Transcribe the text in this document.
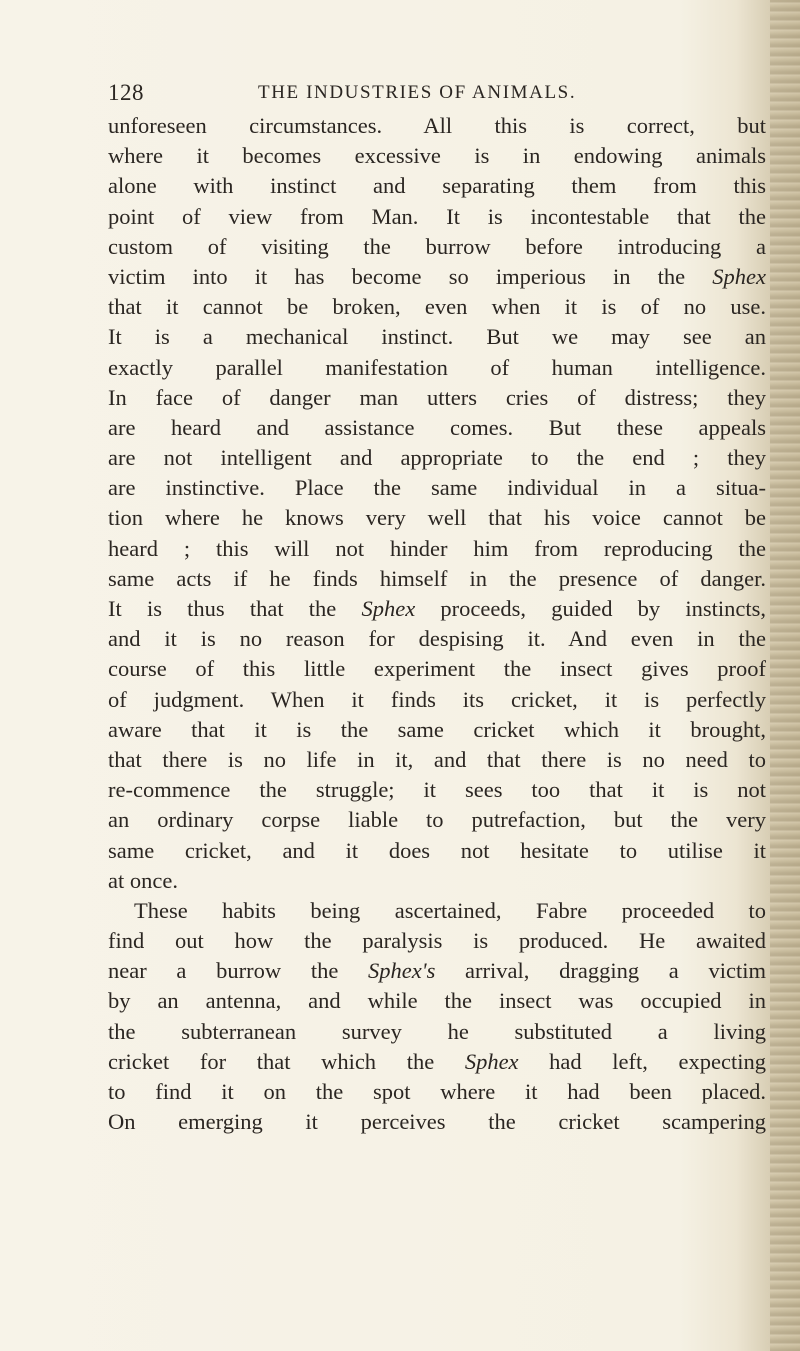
128	THE INDUSTRIES OF ANIMALS.
unforeseen circumstances. All this is correct, but
where it becomes excessive is in endowing animals
alone with instinct and separating them from this
point of view from Man. It is incontestable that the
custom of visiting the burrow before introducing a
victim into it has become so imperious in the Sphex
that it cannot be broken, even when it is of no use.
It is a mechanical instinct. But we may see an
exactly parallel manifestation of human intelligence.
In face of danger man utters cries of distress; they
are heard and assistance comes. But these appeals
are not intelligent and appropriate to the end ; they
are instinctive. Place the same individual in a situa-
tion where he knows very well that his voice cannot be
heard ; this will not hinder him from reproducing the
same acts if he finds himself in the presence of danger.
It is thus that the Sphex proceeds, guided by instincts,
and it is no reason for despising it. And even in the
course of this little experiment the insect gives proof
of judgment. When it finds its cricket, it is perfectly
aware that it is the same cricket which it brought,
that there is no life in it, and that there is no need to
re-commence the struggle; it sees too that it is not
an ordinary corpse liable to putrefaction, but the very
same cricket, and it does not hesitate to utilise it
at once.
These habits being ascertained, Fabre proceeded to
find out how the paralysis is produced. He awaited
near a burrow the Sphex's arrival, dragging a victim
by an antenna, and while the insect was occupied in
the subterranean survey he substituted a living
cricket for that which the Sphex had left, expecting
to find it on the spot where it had been placed.
On emerging it perceives the cricket scampering
